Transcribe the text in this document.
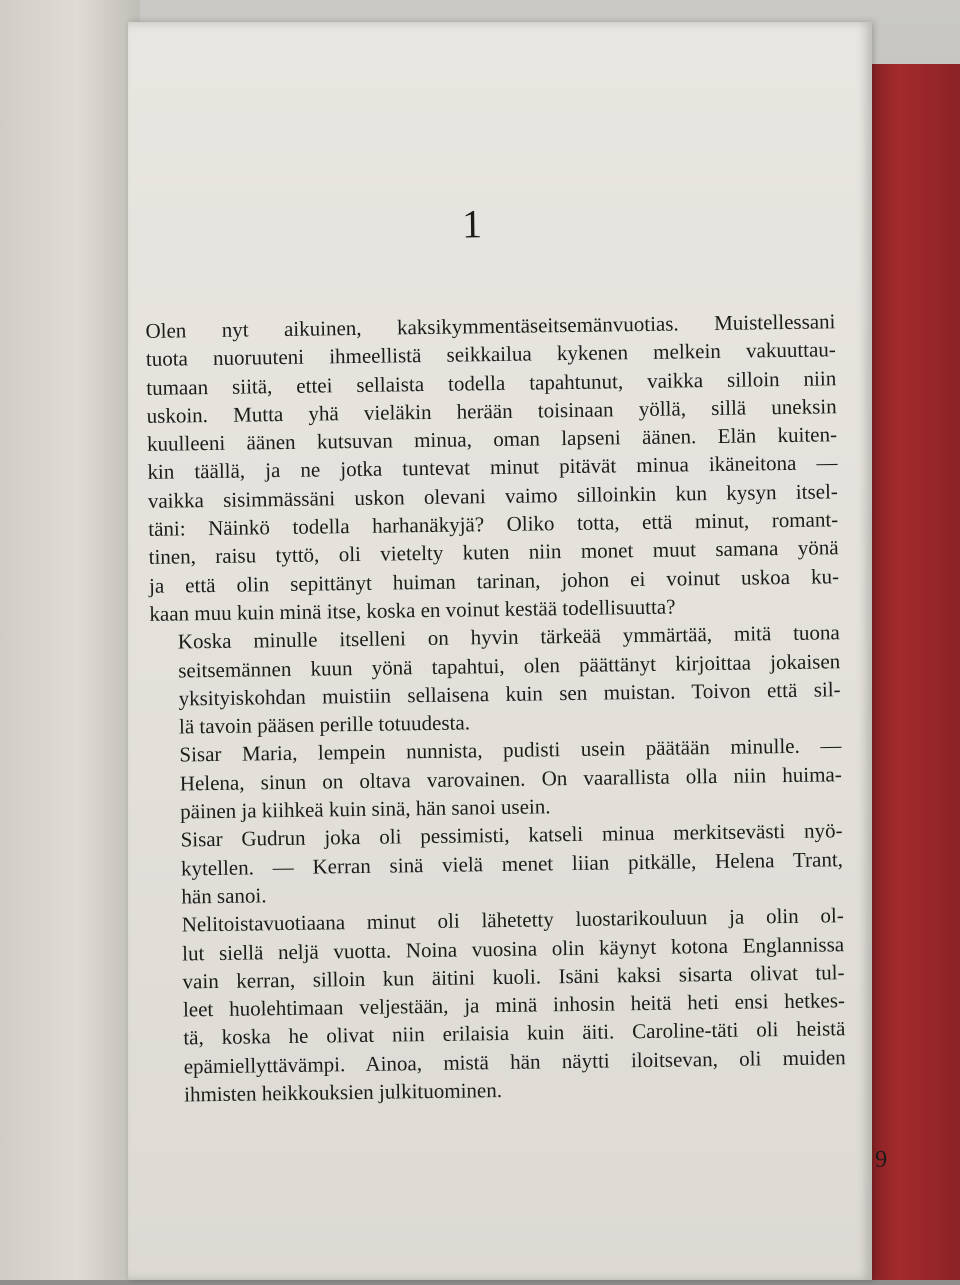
1

Olen nyt aikuinen, kaksikymmentäseitsemänvuotias. Muistellessani
tuota nuoruuteni ihmeellistä seikkailua kykenen melkein vakuuttau-
tumaan siitä, ettei sellaista todella tapahtunut, vaikka silloin niin
uskoin. Mutta yhä vieläkin herään toisinaan yöllä, sillä uneksin
kuulleeni äänen kutsuvan minua, oman lapseni äänen. Elän kuiten-
kin täällä, ja ne jotka tuntevat minut pitävät minua ikäneitona —
vaikka sisimmässäni uskon olevani vaimo silloinkin kun kysyn itsel-
täni: Näinkö todella harhanäkyjä? Oliko totta, että minut, romant-
tinen, raisu tyttö, oli vietelty kuten niin monet muut samana yönä
ja että olin sepittänyt huiman tarinan, johon ei voinut uskoa ku-
kaan muu kuin minä itse, koska en voinut kestää todellisuutta?

Koska minulle itselleni on hyvin tärkeää ymmärtää, mitä tuona
seitsemännen kuun yönä tapahtui, olen päättänyt kirjoittaa jokaisen
yksityiskohdan muistiin sellaisena kuin sen muistan. Toivon että sil-
lä tavoin pääsen perille totuudesta.

Sisar Maria, lempein nunnista, pudisti usein päätään minulle. —
Helena, sinun on oltava varovainen. On vaarallista olla niin huima-
päinen ja kiihkeä kuin sinä, hän sanoi usein.

Sisar Gudrun joka oli pessimisti, katseli minua merkitsevästi nyö-
kytellen. — Kerran sinä vielä menet liian pitkälle, Helena Trant,
hän sanoi.

Nelitoistavuotiaana minut oli lähetetty luostarikouluun ja olin ol-
lut siellä neljä vuotta. Noina vuosina olin käynyt kotona Englannissa
vain kerran, silloin kun äitini kuoli. Isäni kaksi sisarta olivat tul-
leet huolehtimaan veljestään, ja minä inhosin heitä heti ensi hetkes-
tä, koska he olivat niin erilaisia kuin äiti. Caroline-täti oli heistä
epämiellyttävämpi. Ainoa, mistä hän näytti iloitsevan, oli muiden
ihmisten heikkouksien julkituominen.

9
